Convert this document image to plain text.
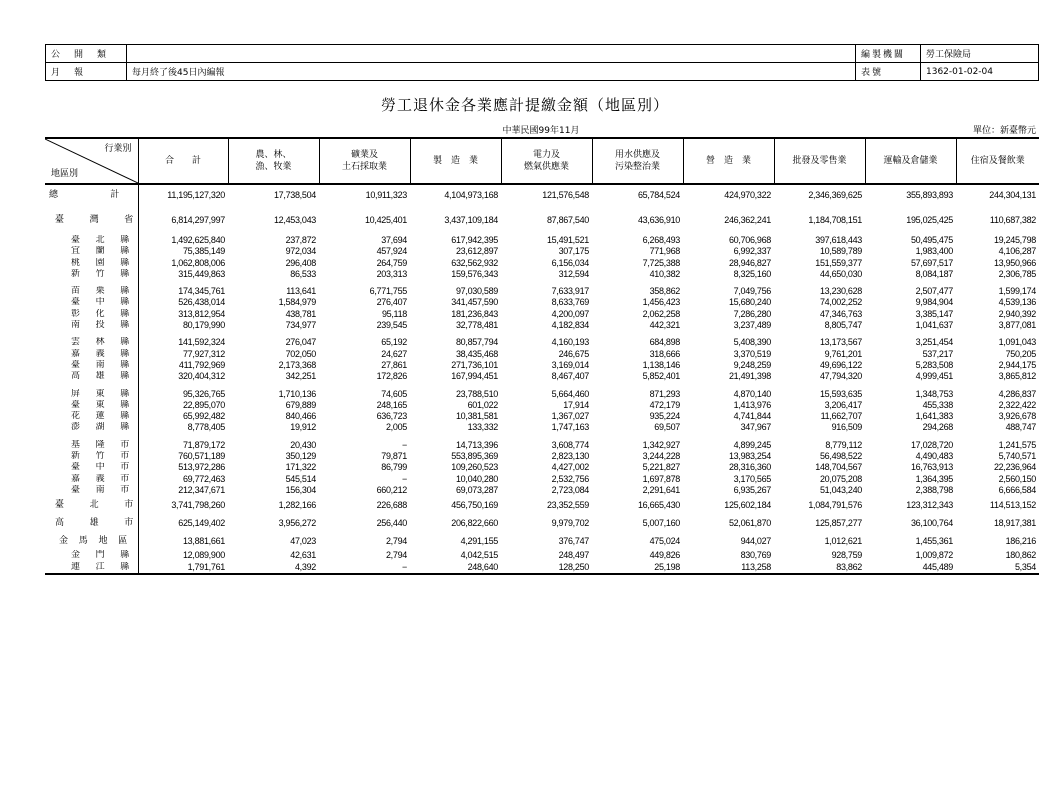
公開類	
月報	每月終了後45日內編報
編製機關	勞工保險局
表號	1362-01-02-04
勞工退休金各業應計提繳金額（地區別）
中華民國99年11月	單位：新臺幣元
行業別
地區別	合　　計	農、林、
漁、牧業	礦業及
土石採取業	製　造　業	電力及
燃氣供應業	用水供應及
污染整治業	營　造　業	批發及零售業	運輸及倉儲業	住宿及餐飲業
總計	11,195,127,320	17,738,504	10,911,323	4,104,973,168	121,576,548	65,784,524	424,970,322	2,346,369,625	355,893,893	244,304,131

臺灣省	6,814,297,997	12,453,043	10,425,401	3,437,109,184	87,867,540	43,636,910	246,362,241	1,184,708,151	195,025,425	110,687,382

臺北縣	1,492,625,840	237,872	37,694	617,942,395	15,491,521	6,268,493	60,706,968	397,618,443	50,495,475	19,245,798
宜蘭縣	75,385,149	972,034	457,924	23,612,897	307,175	771,968	6,992,337	10,589,789	1,983,400	4,106,287
桃園縣	1,062,808,006	296,408	264,759	632,562,932	6,156,034	7,725,388	28,946,827	151,559,377	57,697,517	13,950,966
新竹縣	315,449,863	86,533	203,313	159,576,343	312,594	410,382	8,325,160	44,650,030	8,084,187	2,306,785

苗栗縣	174,345,761	113,641	6,771,755	97,030,589	7,633,917	358,862	7,049,756	13,230,628	2,507,477	1,599,174
臺中縣	526,438,014	1,584,979	276,407	341,457,590	8,633,769	1,456,423	15,680,240	74,002,252	9,984,904	4,539,136
彰化縣	313,812,954	438,781	95,118	181,236,843	4,200,097	2,062,258	7,286,280	47,346,763	3,385,147	2,940,392
南投縣	80,179,990	734,977	239,545	32,778,481	4,182,834	442,321	3,237,489	8,805,747	1,041,637	3,877,081

雲林縣	141,592,324	276,047	65,192	80,857,794	4,160,193	684,898	5,408,390	13,173,567	3,251,454	1,091,043
嘉義縣	77,927,312	702,050	24,627	38,435,468	246,675	318,666	3,370,519	9,761,201	537,217	750,205
臺南縣	411,792,969	2,173,368	27,861	271,736,101	3,169,014	1,138,146	9,248,259	49,696,122	5,283,508	2,944,175
高雄縣	320,404,312	342,251	172,826	167,994,451	8,467,407	5,852,401	21,491,398	47,794,320	4,999,451	3,865,812

屏東縣	95,326,765	1,710,136	74,605	23,788,510	5,664,460	871,293	4,870,140	15,593,635	1,348,753	4,286,837
臺東縣	22,895,070	679,889	248,165	601,022	17,914	472,179	1,413,976	3,206,417	455,338	2,322,422
花蓮縣	65,992,482	840,466	636,723	10,381,581	1,367,027	935,224	4,741,844	11,662,707	1,641,383	3,926,678
澎湖縣	8,778,405	19,912	2,005	133,332	1,747,163	69,507	347,967	916,509	294,268	488,747

基隆市	71,879,172	20,430	−	14,713,396	3,608,774	1,342,927	4,899,245	8,779,112	17,028,720	1,241,575
新竹市	760,571,189	350,129	79,871	553,895,369	2,823,130	3,244,228	13,983,254	56,498,522	4,490,483	5,740,571
臺中市	513,972,286	171,322	86,799	109,260,523	4,427,002	5,221,827	28,316,360	148,704,567	16,763,913	22,236,964
嘉義市	69,772,463	545,514	−	10,040,280	2,532,756	1,697,878	3,170,565	20,075,208	1,364,395	2,560,150
臺南市	212,347,671	156,304	660,212	69,073,287	2,723,084	2,291,641	6,935,267	51,043,240	2,388,798	6,666,584
臺北市	3,741,798,260	1,282,166	226,688	456,750,169	23,352,559	16,665,430	125,602,184	1,084,791,576	123,312,343	114,513,152
高雄市	625,149,402	3,956,272	256,440	206,822,660	9,979,702	5,007,160	52,061,870	125,857,277	36,100,764	18,917,381
金馬地區	13,881,661	47,023	2,794	4,291,155	376,747	475,024	944,027	1,012,621	1,455,361	186,216
金門縣	12,089,900	42,631	2,794	4,042,515	248,497	449,826	830,769	928,759	1,009,872	180,862
連江縣	1,791,761	4,392	−	248,640	128,250	25,198	113,258	83,862	445,489	5,354
